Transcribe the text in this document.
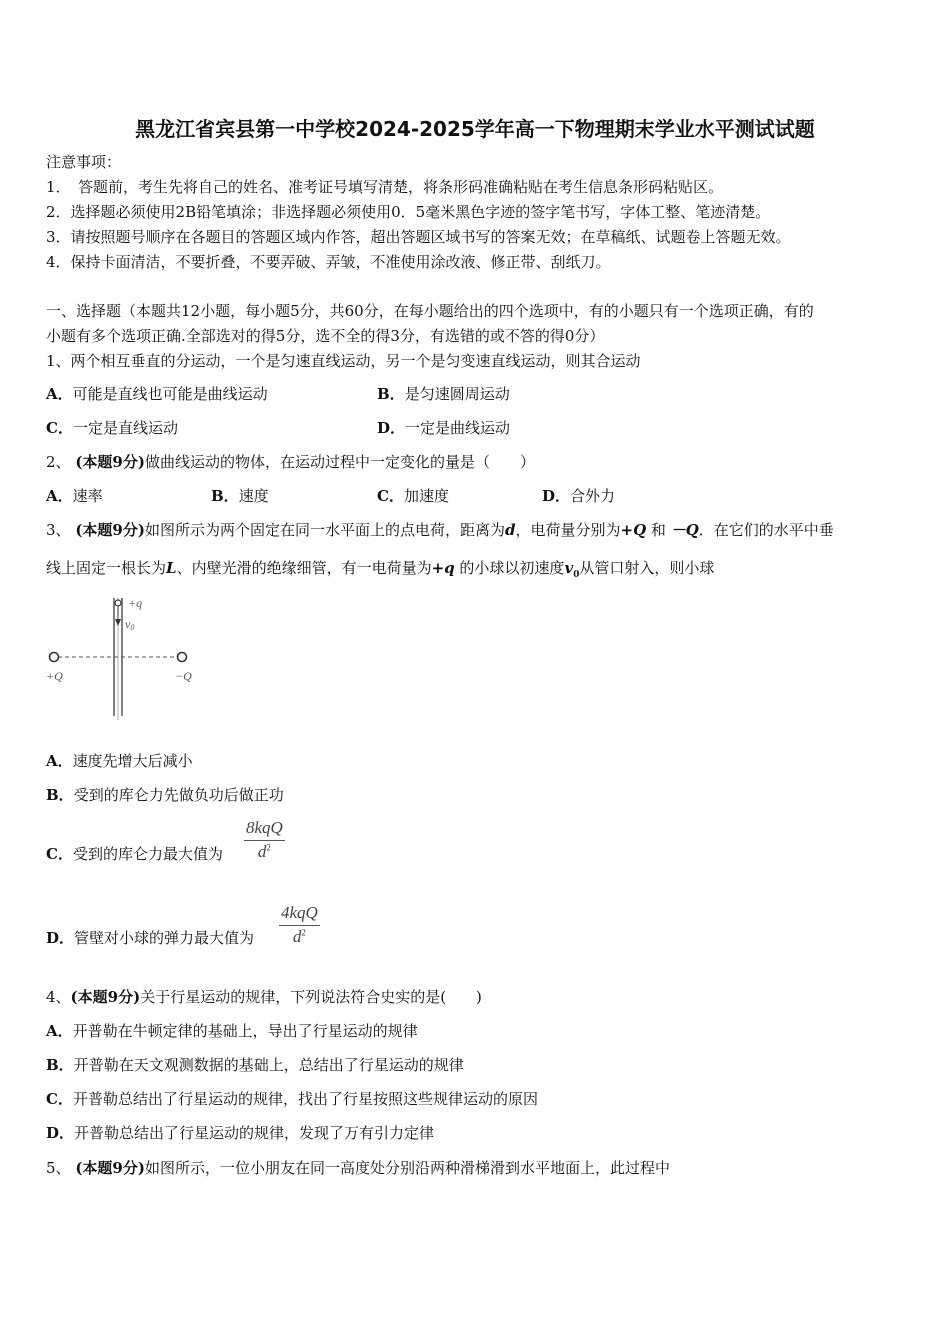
黑龙江省宾县第一中学校2024-2025学年高一下物理期末学业水平测试试题
注意事项：
1．　答题前，考生先将自己的姓名、准考证号填写清楚，将条形码准确粘贴在考生信息条形码粘贴区。
2．选择题必须使用2B铅笔填涂；非选择题必须使用0．5毫米黑色字迹的签字笔书写，字体工整、笔迹清楚。
3．请按照题号顺序在各题目的答题区域内作答，超出答题区域书写的答案无效；在草稿纸、试题卷上答题无效。
4．保持卡面清洁，不要折叠，不要弄破、弄皱，不准使用涂改液、修正带、刮纸刀。
一、选择题（本题共12小题，每小题5分，共60分，在每小题给出的四个选项中，有的小题只有一个选项正确，有的
小题有多个选项正确.全部选对的得5分，选不全的得3分，有选错的或不答的得0分）
1、两个相互垂直的分运动，一个是匀速直线运动，另一个是匀变速直线运动，则其合运动
A．可能是直线也可能是曲线运动	B．是匀速圆周运动
C．一定是直线运动	D．一定是曲线运动
2、 (本题9分)做曲线运动的物体，在运动过程中一定变化的量是（　　）
A．速率	B．速度	C．加速度	D．合外力
3、 (本题9分)如图所示为两个固定在同一水平面上的点电荷，距离为d，电荷量分别为+Q 和 －Q．在它们的水平中垂
线上固定一根长为L、内壁光滑的绝缘细管，有一电荷量为+q 的小球以初速度$v_0$从管口射入，则小球
+q
v0
+Q	−Q
A．速度先增大后减小
B．受到的库仑力先做负功后做正功
C．受到的库仑力最大值为
8kqQ
$d^2$
D．管壁对小球的弹力最大值为
4kqQ
$d^2$
4、(本题9分)关于行星运动的规律，下列说法符合史实的是(　　)
A．开普勒在牛顿定律的基础上，导出了行星运动的规律
B．开普勒在天文观测数据的基础上，总结出了行星运动的规律
C．开普勒总结出了行星运动的规律，找出了行星按照这些规律运动的原因
D．开普勒总结出了行星运动的规律，发现了万有引力定律
5、 (本题9分)如图所示，一位小朋友在同一高度处分别沿两种滑梯滑到水平地面上，此过程中
